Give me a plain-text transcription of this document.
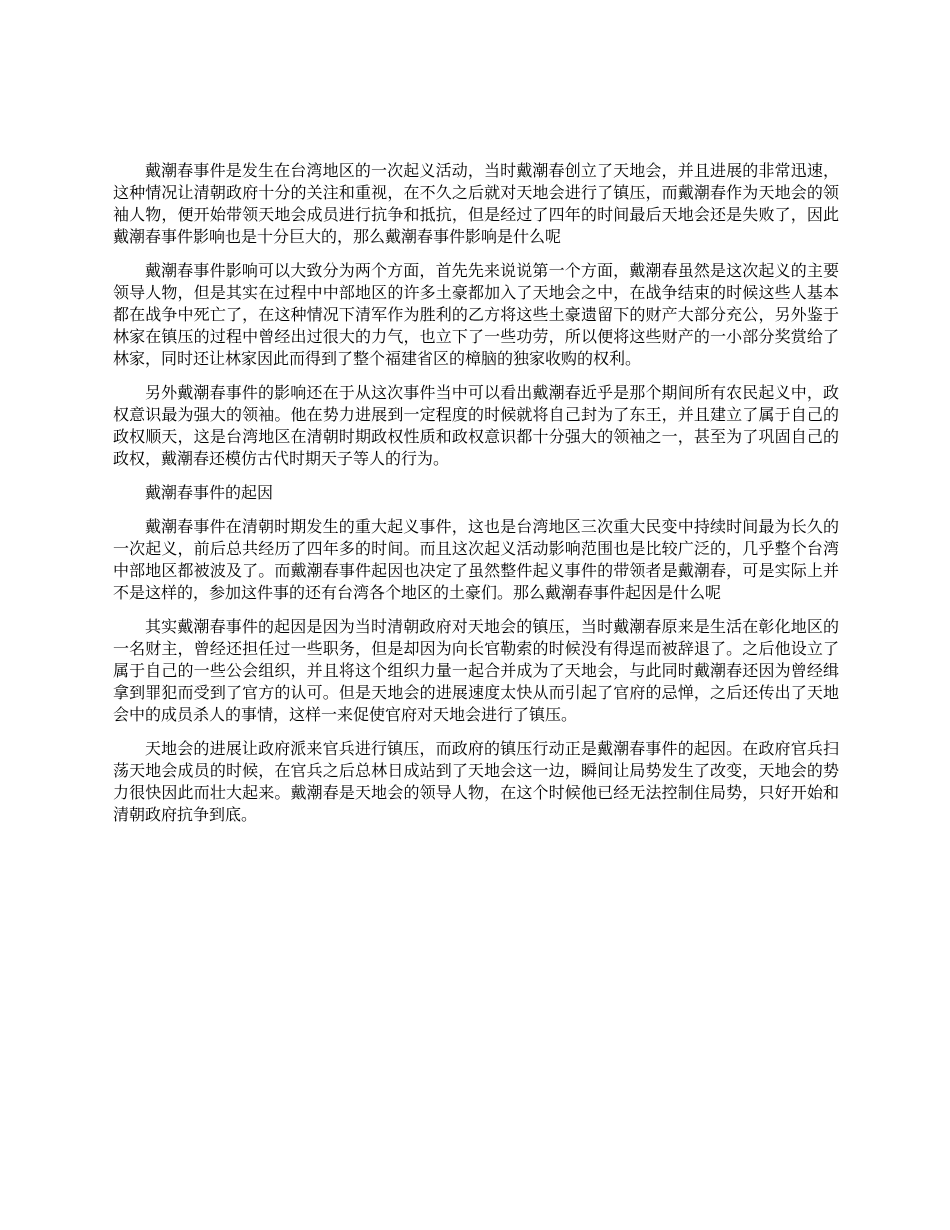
戴潮春事件是发生在台湾地区的一次起义活动，当时戴潮春创立了天地会，并且进展的非常迅速，这种情况让清朝政府十分的关注和重视，在不久之后就对天地会进行了镇压，而戴潮春作为天地会的领袖人物，便开始带领天地会成员进行抗争和抵抗，但是经过了四年的时间最后天地会还是失败了，因此戴潮春事件影响也是十分巨大的，那么戴潮春事件影响是什么呢

戴潮春事件影响可以大致分为两个方面，首先先来说说第一个方面，戴潮春虽然是这次起义的主要领导人物，但是其实在过程中中部地区的许多土豪都加入了天地会之中，在战争结束的时候这些人基本都在战争中死亡了，在这种情况下清军作为胜利的乙方将这些土豪遗留下的财产大部分充公，另外鉴于林家在镇压的过程中曾经出过很大的力气，也立下了一些功劳，所以便将这些财产的一小部分奖赏给了林家，同时还让林家因此而得到了整个福建省区的樟脑的独家收购的权利。

另外戴潮春事件的影响还在于从这次事件当中可以看出戴潮春近乎是那个期间所有农民起义中，政权意识最为强大的领袖。他在势力进展到一定程度的时候就将自己封为了东王，并且建立了属于自己的政权顺天，这是台湾地区在清朝时期政权性质和政权意识都十分强大的领袖之一，甚至为了巩固自己的政权，戴潮春还模仿古代时期天子等人的行为。

戴潮春事件的起因

戴潮春事件在清朝时期发生的重大起义事件，这也是台湾地区三次重大民变中持续时间最为长久的一次起义，前后总共经历了四年多的时间。而且这次起义活动影响范围也是比较广泛的，几乎整个台湾中部地区都被波及了。而戴潮春事件起因也决定了虽然整件起义事件的带领者是戴潮春，可是实际上并不是这样的，参加这件事的还有台湾各个地区的土豪们。那么戴潮春事件起因是什么呢

其实戴潮春事件的起因是因为当时清朝政府对天地会的镇压，当时戴潮春原来是生活在彰化地区的一名财主，曾经还担任过一些职务，但是却因为向长官勒索的时候没有得逞而被辞退了。之后他设立了属于自己的一些公会组织，并且将这个组织力量一起合并成为了天地会，与此同时戴潮春还因为曾经缉拿到罪犯而受到了官方的认可。但是天地会的进展速度太快从而引起了官府的忌惮，之后还传出了天地会中的成员杀人的事情，这样一来促使官府对天地会进行了镇压。

天地会的进展让政府派来官兵进行镇压，而政府的镇压行动正是戴潮春事件的起因。在政府官兵扫荡天地会成员的时候，在官兵之后总林日成站到了天地会这一边，瞬间让局势发生了改变，天地会的势力很快因此而壮大起来。戴潮春是天地会的领导人物，在这个时候他已经无法控制住局势，只好开始和清朝政府抗争到底。
